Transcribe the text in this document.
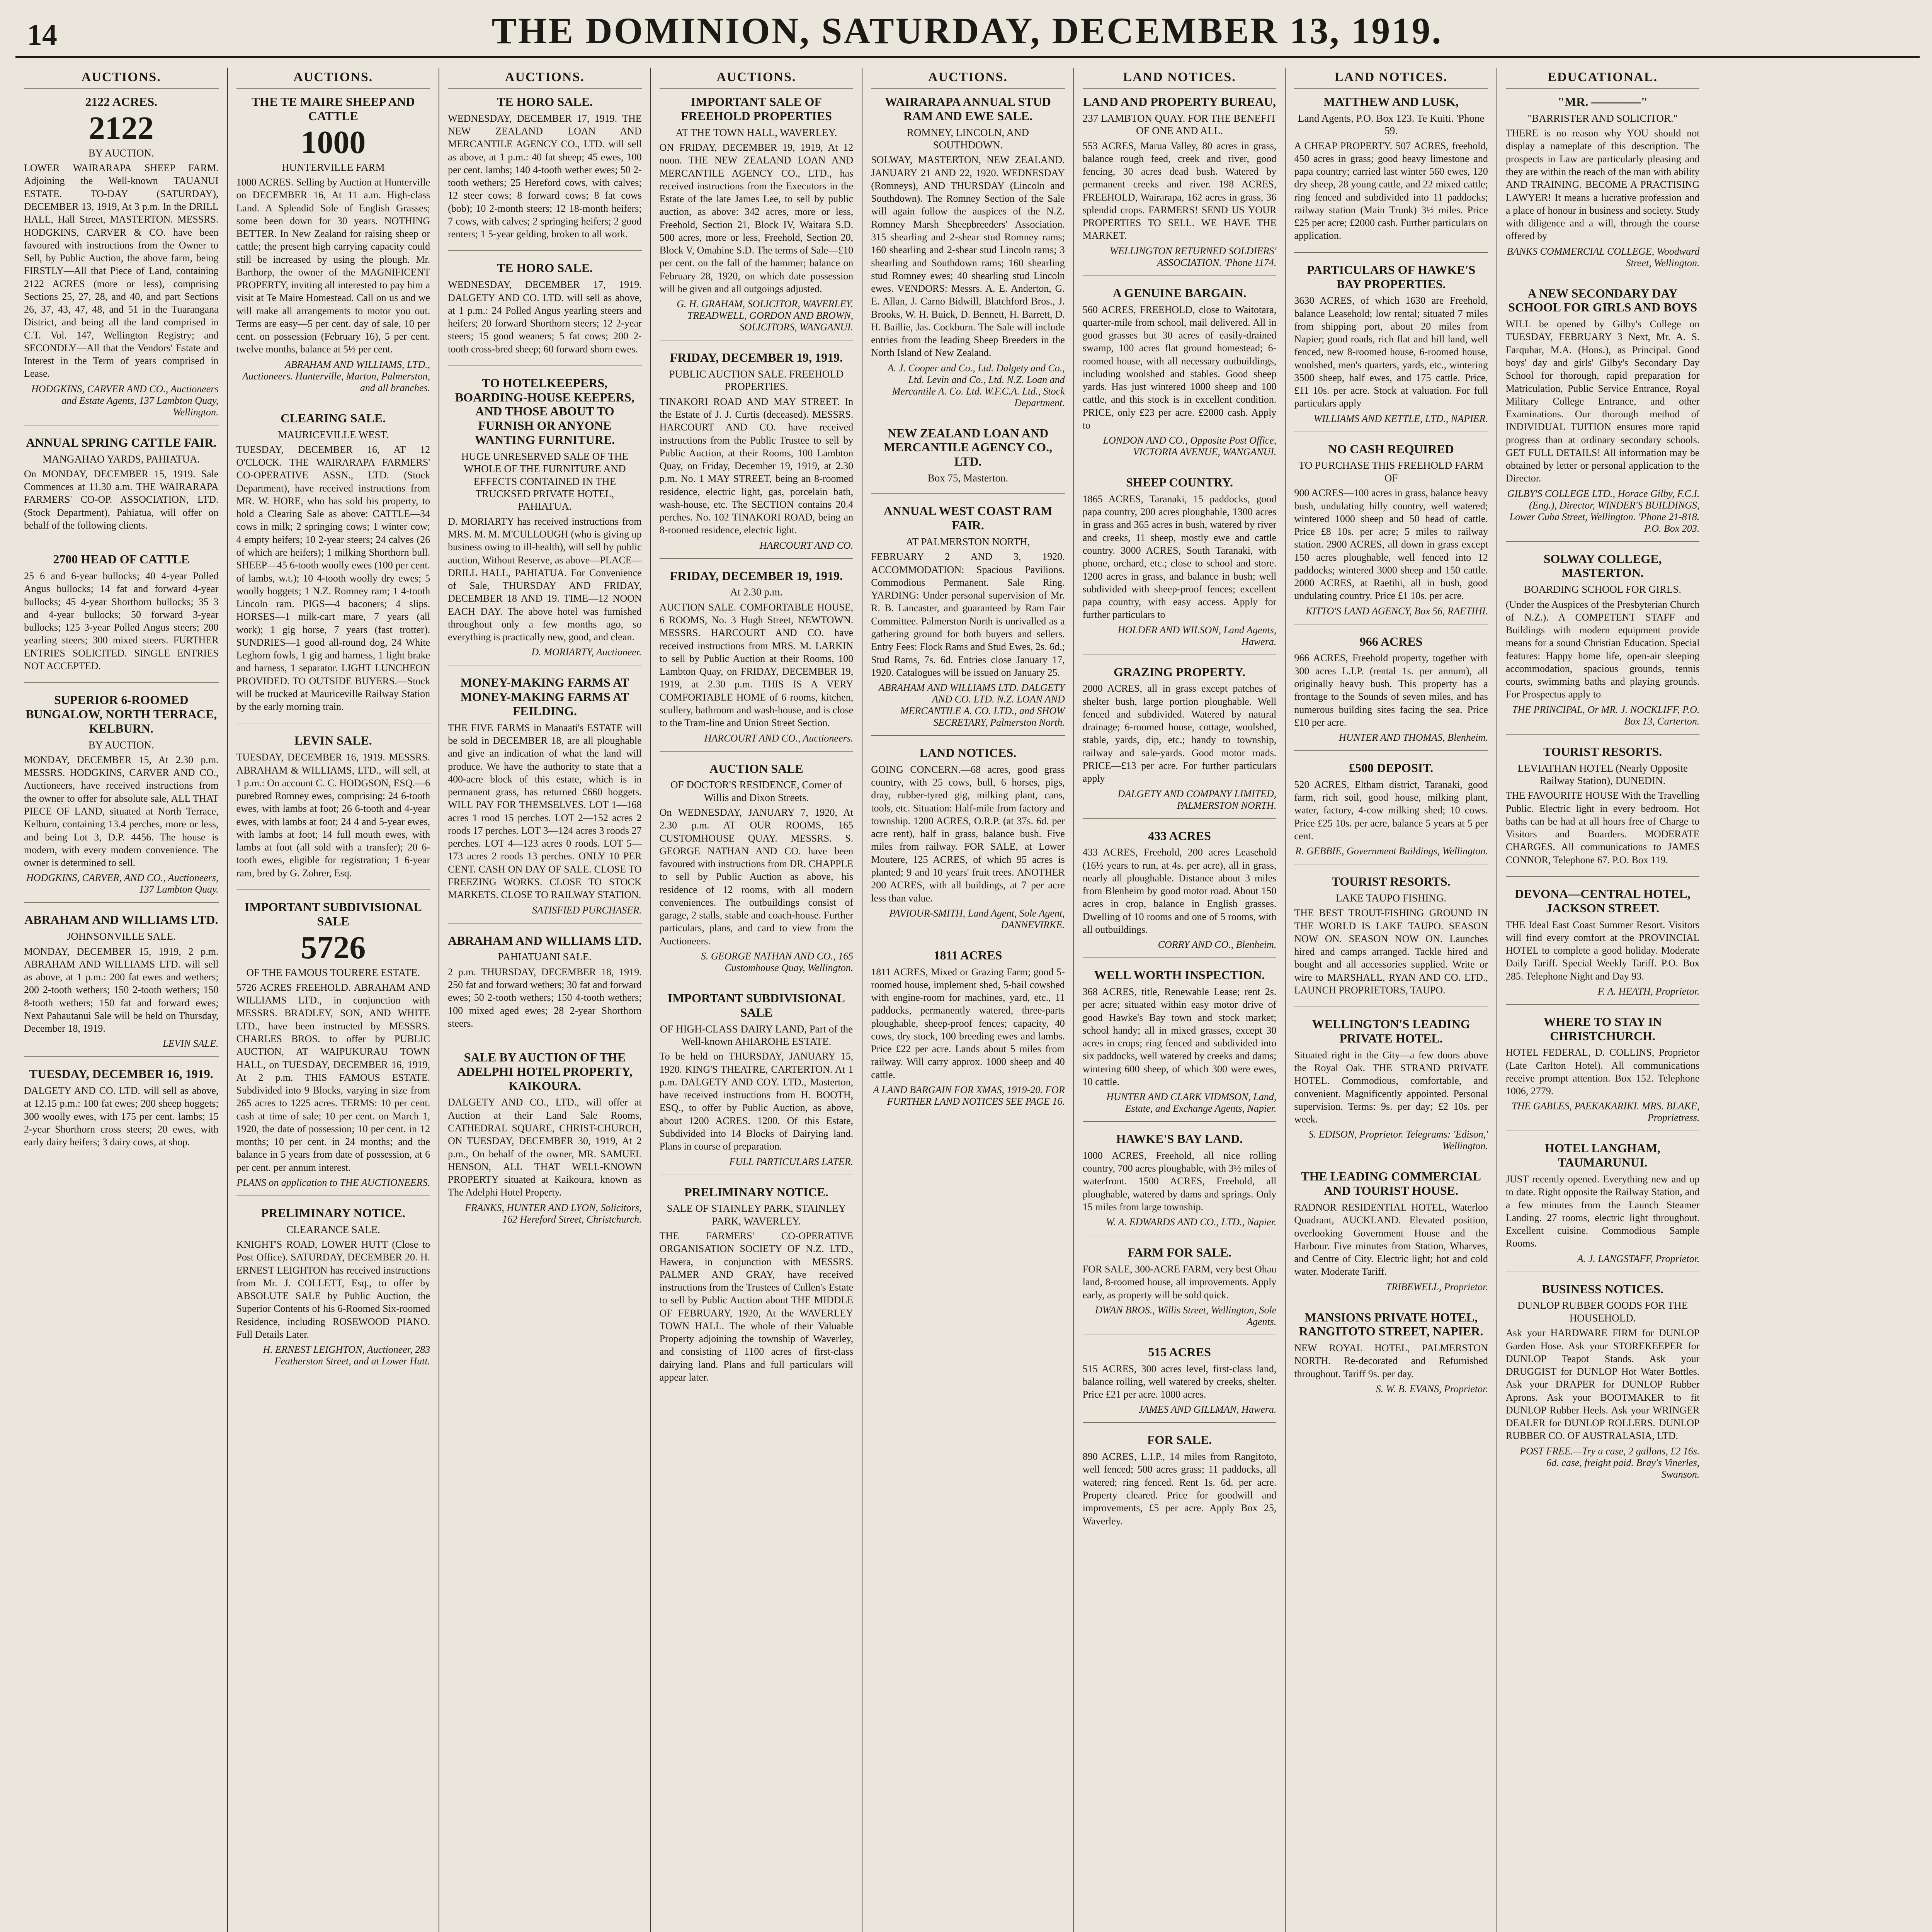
14	THE DOMINION, SATURDAY, DECEMBER 13, 1919.
AUCTIONS.
2122 ACRES.
2122
BY AUCTION.

LOWER WAIRARAPA SHEEP FARM. Adjoining the Well-known TAUANUI ESTATE. TO-DAY (SATURDAY), DECEMBER 13, 1919, At 3 p.m. In the DRILL HALL, Hall Street, MASTERTON. MESSRS. HODGKINS, CARVER & CO. have been favoured with instructions from the Owner to Sell, by Public Auction, the above farm, being FIRSTLY—All that Piece of Land, containing 2122 ACRES (more or less), comprising Sections 25, 27, 28, and 40, and part Sections 26, 37, 43, 47, 48, and 51 in the Tuarangana District, and being all the land comprised in C.T. Vol. 147, Wellington Registry; and SECONDLY—All that the Vendors' Estate and Interest in the Term of years comprised in Lease.

HODGKINS, CARVER AND CO., Auctioneers and Estate Agents, 137 Lambton Quay, Wellington.
ANNUAL SPRING CATTLE FAIR.
MANGAHAO YARDS, PAHIATUA.

On MONDAY, DECEMBER 15, 1919. Sale Commences at 11.30 a.m. THE WAIRARAPA FARMERS' CO-OP. ASSOCIATION, LTD. (Stock Department), Pahiatua, will offer on behalf of the following clients.

2700 HEAD OF CATTLE

25 6 and 6-year bullocks; 40 4-year Polled Angus bullocks; 14 fat and forward 4-year bullocks; 45 4-year Shorthorn bullocks; 35 3 and 4-year bullocks; 50 forward 3-year bullocks; 125 3-year Polled Angus steers; 200 yearling steers; 300 mixed steers. FURTHER ENTRIES SOLICITED. SINGLE ENTRIES NOT ACCEPTED.

SUPERIOR 6-ROOMED BUNGALOW, NORTH TERRACE, KELBURN.
BY AUCTION.

MONDAY, DECEMBER 15, At 2.30 p.m. MESSRS. HODGKINS, CARVER AND CO., Auctioneers, have received instructions from the owner to offer for absolute sale, ALL THAT PIECE OF LAND, situated at North Terrace, Kelburn, containing 13.4 perches, more or less, and being Lot 3, D.P. 4456. The house is modern, with every modern convenience. The owner is determined to sell.

HODGKINS, CARVER, AND CO., Auctioneers, 137 Lambton Quay.
ABRAHAM AND WILLIAMS LTD.
JOHNSONVILLE SALE.

MONDAY, DECEMBER 15, 1919, 2 p.m. ABRAHAM AND WILLIAMS LTD. will sell as above, at 1 p.m.: 200 fat ewes and wethers; 200 2-tooth wethers; 150 2-tooth wethers; 150 8-tooth wethers; 150 fat and forward ewes; Next Pahautanui Sale will be held on Thursday, December 18, 1919.

LEVIN SALE.
TUESDAY, DECEMBER 16, 1919.

DALGETY AND CO. LTD. will sell as above, at 12.15 p.m.: 100 fat ewes; 200 sheep hoggets; 300 woolly ewes, with 175 per cent. lambs; 15 2-year Shorthorn cross steers; 20 ewes, with early dairy heifers; 3 dairy cows, at shop.

AUCTIONS.
THE TE MAIRE SHEEP AND CATTLE
1000
HUNTERVILLE FARM

1000 ACRES. Selling by Auction at Hunterville on DECEMBER 16, At 11 a.m. High-class Land. A Splendid Sole of English Grasses; some been down for 30 years. NOTHING BETTER. In New Zealand for raising sheep or cattle; the present high carrying capacity could still be increased by using the plough. Mr. Barthorp, the owner of the MAGNIFICENT PROPERTY, inviting all interested to pay him a visit at Te Maire Homestead. Call on us and we will make all arrangements to motor you out. Terms are easy—5 per cent. day of sale, 10 per cent. on possession (February 16), 5 per cent. twelve months, balance at 5½ per cent.

ABRAHAM AND WILLIAMS, LTD., Auctioneers. Hunterville, Marton, Palmerston, and all branches.
CLEARING SALE.
MAURICEVILLE WEST.

TUESDAY, DECEMBER 16, AT 12 O'CLOCK. THE WAIRARAPA FARMERS' CO-OPERATIVE ASSN., LTD. (Stock Department), have received instructions from MR. W. HORE, who has sold his property, to hold a Clearing Sale as above: CATTLE—34 cows in milk; 2 springing cows; 1 winter cow; 4 empty heifers; 10 2-year steers; 24 calves (26 of which are heifers); 1 milking Shorthorn bull. SHEEP—45 6-tooth woolly ewes (100 per cent. of lambs, w.t.); 10 4-tooth woolly dry ewes; 5 woolly hoggets; 1 N.Z. Romney ram; 1 4-tooth Lincoln ram. PIGS—4 baconers; 4 slips. HORSES—1 milk-cart mare, 7 years (all work); 1 gig horse, 7 years (fast trotter). SUNDRIES—1 good all-round dog, 24 White Leghorn fowls, 1 gig and harness, 1 light brake and harness, 1 separator. LIGHT LUNCHEON PROVIDED. TO OUTSIDE BUYERS.—Stock will be trucked at Mauriceville Railway Station by the early morning train.

LEVIN SALE.

TUESDAY, DECEMBER 16, 1919. MESSRS. ABRAHAM & WILLIAMS, LTD., will sell, at 1 p.m.: On account C. C. HODGSON, ESQ.—6 purebred Romney ewes, comprising: 24 6-tooth ewes, with lambs at foot; 26 6-tooth and 4-year ewes, with lambs at foot; 24 4 and 5-year ewes, with lambs at foot; 14 full mouth ewes, with lambs at foot (all sold with a transfer); 20 6-tooth ewes, eligible for registration; 1 6-year ram, bred by G. Zohrer, Esq.

IMPORTANT SUBDIVISIONAL SALE
5726
OF THE FAMOUS TOURERE ESTATE.

5726 ACRES FREEHOLD. ABRAHAM AND WILLIAMS LTD., in conjunction with MESSRS. BRADLEY, SON, AND WHITE LTD., have been instructed by MESSRS. CHARLES BROS. to offer by PUBLIC AUCTION, AT WAIPUKURAU TOWN HALL, on TUESDAY, DECEMBER 16, 1919, At 2 p.m. THIS FAMOUS ESTATE. Subdivided into 9 Blocks, varying in size from 265 acres to 1225 acres. TERMS: 10 per cent. cash at time of sale; 10 per cent. on March 1, 1920, the date of possession; 10 per cent. in 12 months; 10 per cent. in 24 months; and the balance in 5 years from date of possession, at 6 per cent. per annum interest.

PLANS on application to THE AUCTIONEERS.
PRELIMINARY NOTICE.
CLEARANCE SALE.

KNIGHT'S ROAD, LOWER HUTT (Close to Post Office). SATURDAY, DECEMBER 20. H. ERNEST LEIGHTON has received instructions from Mr. J. COLLETT, Esq., to offer by ABSOLUTE SALE by Public Auction, the Superior Contents of his 6-Roomed Six-roomed Residence, including ROSEWOOD PIANO. Full Details Later.

H. ERNEST LEIGHTON, Auctioneer, 283 Featherston Street, and at Lower Hutt.
AUCTIONS.
TE HORO SALE.

WEDNESDAY, DECEMBER 17, 1919. THE NEW ZEALAND LOAN AND MERCANTILE AGENCY CO., LTD. will sell as above, at 1 p.m.: 40 fat sheep; 45 ewes, 100 per cent. lambs; 140 4-tooth wether ewes; 50 2-tooth wethers; 25 Hereford cows, with calves; 12 steer cows; 8 forward cows; 8 fat cows (bob); 10 2-month steers; 12 18-month heifers; 7 cows, with calves; 2 springing heifers; 2 good renters; 1 5-year gelding, broken to all work.

TE HORO SALE.

WEDNESDAY, DECEMBER 17, 1919. DALGETY AND CO. LTD. will sell as above, at 1 p.m.: 24 Polled Angus yearling steers and heifers; 20 forward Shorthorn steers; 12 2-year steers; 15 good weaners; 5 fat cows; 200 2-tooth cross-bred sheep; 60 forward shorn ewes.

TO HOTELKEEPERS, BOARDING-HOUSE KEEPERS, AND THOSE ABOUT TO FURNISH OR ANYONE WANTING FURNITURE.
HUGE UNRESERVED SALE OF THE WHOLE OF THE FURNITURE AND EFFECTS CONTAINED IN THE TRUCKSED PRIVATE HOTEL, PAHIATUA.

D. MORIARTY has received instructions from MRS. M. M. M'CULLOUGH (who is giving up business owing to ill-health), will sell by public auction, Without Reserve, as above—PLACE—DRILL HALL, PAHIATUA. For Convenience of Sale, THURSDAY AND FRIDAY, DECEMBER 18 AND 19. TIME—12 NOON EACH DAY. The above hotel was furnished throughout only a few months ago, so everything is practically new, good, and clean.

D. MORIARTY, Auctioneer.
MONEY-MAKING FARMS AT MONEY-MAKING FARMS AT FEILDING.

THE FIVE FARMS in Manaati's ESTATE will be sold in DECEMBER 18, are all ploughable and give an indication of what the land will produce. We have the authority to state that a 400-acre block of this estate, which is in permanent grass, has returned £660 hoggets. WILL PAY FOR THEMSELVES. LOT 1—168 acres 1 rood 15 perches. LOT 2—152 acres 2 roods 17 perches. LOT 3—124 acres 3 roods 27 perches. LOT 4—123 acres 0 roods. LOT 5—173 acres 2 roods 13 perches. ONLY 10 PER CENT. CASH ON DAY OF SALE. CLOSE TO FREEZING WORKS. CLOSE TO STOCK MARKETS. CLOSE TO RAILWAY STATION.

SATISFIED PURCHASER.
ABRAHAM AND WILLIAMS LTD.
PAHIATUANI SALE.

2 p.m. THURSDAY, DECEMBER 18, 1919. 250 fat and forward wethers; 30 fat and forward ewes; 50 2-tooth wethers; 150 4-tooth wethers; 100 mixed aged ewes; 28 2-year Shorthorn steers.

SALE BY AUCTION OF THE ADELPHI HOTEL PROPERTY, KAIKOURA.

DALGETY AND CO., LTD., will offer at Auction at their Land Sale Rooms, CATHEDRAL SQUARE, CHRIST-CHURCH, ON TUESDAY, DECEMBER 30, 1919, At 2 p.m., On behalf of the owner, MR. SAMUEL HENSON, ALL THAT WELL-KNOWN PROPERTY situated at Kaikoura, known as The Adelphi Hotel Property.

FRANKS, HUNTER AND LYON, Solicitors, 162 Hereford Street, Christchurch.
AUCTIONS.
IMPORTANT SALE OF FREEHOLD PROPERTIES
AT THE TOWN HALL, WAVERLEY.

ON FRIDAY, DECEMBER 19, 1919, At 12 noon. THE NEW ZEALAND LOAN AND MERCANTILE AGENCY CO., LTD., has received instructions from the Executors in the Estate of the late James Lee, to sell by public auction, as above: 342 acres, more or less, Freehold, Section 21, Block IV, Waitara S.D. 500 acres, more or less, Freehold, Section 20, Block V, Omahine S.D. The terms of Sale—£10 per cent. on the fall of the hammer; balance on February 28, 1920, on which date possession will be given and all outgoings adjusted.

G. H. GRAHAM, SOLICITOR, WAVERLEY. TREADWELL, GORDON AND BROWN, SOLICITORS, WANGANUI.
FRIDAY, DECEMBER 19, 1919.
PUBLIC AUCTION SALE. FREEHOLD PROPERTIES.

TINAKORI ROAD AND MAY STREET. In the Estate of J. J. Curtis (deceased). MESSRS. HARCOURT AND CO. have received instructions from the Public Trustee to sell by Public Auction, at their Rooms, 100 Lambton Quay, on Friday, December 19, 1919, at 2.30 p.m. No. 1 MAY STREET, being an 8-roomed residence, electric light, gas, porcelain bath, wash-house, etc. The SECTION contains 20.4 perches. No. 102 TINAKORI ROAD, being an 8-roomed residence, electric light.

HARCOURT AND CO.
FRIDAY, DECEMBER 19, 1919.
At 2.30 p.m.

AUCTION SALE. COMFORTABLE HOUSE, 6 ROOMS, No. 3 Hugh Street, NEWTOWN. MESSRS. HARCOURT AND CO. have received instructions from MRS. M. LARKIN to sell by Public Auction at their Rooms, 100 Lambton Quay, on FRIDAY, DECEMBER 19, 1919, at 2.30 p.m. THIS IS A VERY COMFORTABLE HOME of 6 rooms, kitchen, scullery, bathroom and wash-house, and is close to the Tram-line and Union Street Section.

HARCOURT AND CO., Auctioneers.
AUCTION SALE
OF DOCTOR'S RESIDENCE, Corner of Willis and Dixon Streets.

On WEDNESDAY, JANUARY 7, 1920, At 2.30 p.m. AT OUR ROOMS, 165 CUSTOMHOUSE QUAY. MESSRS. S. GEORGE NATHAN AND CO. have been favoured with instructions from DR. CHAPPLE to sell by Public Auction as above, his residence of 12 rooms, with all modern conveniences. The outbuildings consist of garage, 2 stalls, stable and coach-house. Further particulars, plans, and card to view from the Auctioneers.

S. GEORGE NATHAN AND CO., 165 Customhouse Quay, Wellington.
IMPORTANT SUBDIVISIONAL SALE
OF HIGH-CLASS DAIRY LAND, Part of the Well-known AHIAROHE ESTATE.

To be held on THURSDAY, JANUARY 15, 1920. KING'S THEATRE, CARTERTON. At 1 p.m. DALGETY AND COY. LTD., Masterton, have received instructions from H. BOOTH, ESQ., to offer by Public Auction, as above, about 1200 ACRES. 1200. Of this Estate, Subdivided into 14 Blocks of Dairying land. Plans in course of preparation.

FULL PARTICULARS LATER.
PRELIMINARY NOTICE.
SALE OF STAINLEY PARK, STAINLEY PARK, WAVERLEY.

THE FARMERS' CO-OPERATIVE ORGANISATION SOCIETY OF N.Z. LTD., Hawera, in conjunction with MESSRS. PALMER AND GRAY, have received instructions from the Trustees of Cullen's Estate to sell by Public Auction about THE MIDDLE OF FEBRUARY, 1920, At the WAVERLEY TOWN HALL. The whole of their Valuable Property adjoining the township of Waverley, and consisting of 1100 acres of first-class dairying land. Plans and full particulars will appear later.

AUCTIONS.
WAIRARAPA ANNUAL STUD RAM AND EWE SALE.
ROMNEY, LINCOLN, AND SOUTHDOWN.

SOLWAY, MASTERTON, NEW ZEALAND. JANUARY 21 AND 22, 1920. WEDNESDAY (Romneys), AND THURSDAY (Lincoln and Southdown). The Romney Section of the Sale will again follow the auspices of the N.Z. Romney Marsh Sheepbreeders' Association. 315 shearling and 2-shear stud Romney rams; 160 shearling and 2-shear stud Lincoln rams; 3 shearling and Southdown rams; 160 shearling stud Romney ewes; 40 shearling stud Lincoln ewes. VENDORS: Messrs. A. E. Anderton, G. E. Allan, J. Carno Bidwill, Blatchford Bros., J. Brooks, W. H. Buick, D. Bennett, H. Barrett, D. H. Baillie, Jas. Cockburn. The Sale will include entries from the leading Sheep Breeders in the North Island of New Zealand.

A. J. Cooper and Co., Ltd. Dalgety and Co., Ltd. Levin and Co., Ltd. N.Z. Loan and Mercantile A. Co. Ltd. W.F.C.A. Ltd., Stock Department.
NEW ZEALAND LOAN AND MERCANTILE AGENCY CO., LTD.
Box 75, Masterton.
ANNUAL WEST COAST RAM FAIR.
AT PALMERSTON NORTH,

FEBRUARY 2 AND 3, 1920. ACCOMMODATION: Spacious Pavilions. Commodious Permanent. Sale Ring. YARDING: Under personal supervision of Mr. R. B. Lancaster, and guaranteed by Ram Fair Committee. Palmerston North is unrivalled as a gathering ground for both buyers and sellers. Entry Fees: Flock Rams and Stud Ewes, 2s. 6d.; Stud Rams, 7s. 6d. Entries close January 17, 1920. Catalogues will be issued on January 25.

ABRAHAM AND WILLIAMS LTD. DALGETY AND CO. LTD. N.Z. LOAN AND MERCANTILE A. CO. LTD., and SHOW SECRETARY, Palmerston North.
LAND NOTICES.

GOING CONCERN.—68 acres, good grass country, with 25 cows, bull, 6 horses, pigs, dray, rubber-tyred gig, milking plant, cans, tools, etc. Situation: Half-mile from factory and township. 1200 ACRES, O.R.P. (at 37s. 6d. per acre rent), half in grass, balance bush. Five miles from railway. FOR SALE, at Lower Moutere, 125 ACRES, of which 95 acres is planted; 9 and 10 years' fruit trees. ANOTHER 200 ACRES, with all buildings, at 7 per acre less than value.

PAVIOUR-SMITH, Land Agent, Sole Agent, DANNEVIRKE.
1811 ACRES

1811 ACRES, Mixed or Grazing Farm; good 5-roomed house, implement shed, 5-bail cowshed with engine-room for machines, yard, etc., 11 paddocks, permanently watered, three-parts ploughable, sheep-proof fences; capacity, 40 cows, dry stock, 100 breeding ewes and lambs. Price £22 per acre. Lands about 5 miles from railway. Will carry approx. 1000 sheep and 40 cattle.

A LAND BARGAIN FOR XMAS, 1919-20. FOR FURTHER LAND NOTICES SEE PAGE 16.
LAND NOTICES.
LAND AND PROPERTY BUREAU,
237 LAMBTON QUAY. FOR THE BENEFIT OF ONE AND ALL.

553 ACRES, Marua Valley, 80 acres in grass, balance rough feed, creek and river, good fencing, 30 acres dead bush. Watered by permanent creeks and river. 198 ACRES, FREEHOLD, Wairarapa, 162 acres in grass, 36 splendid crops. FARMERS! SEND US YOUR PROPERTIES TO SELL. WE HAVE THE MARKET.

WELLINGTON RETURNED SOLDIERS' ASSOCIATION. 'Phone 1174.
A GENUINE BARGAIN.

560 ACRES, FREEHOLD, close to Waitotara, quarter-mile from school, mail delivered. All in good grasses but 30 acres of easily-drained swamp, 100 acres flat ground homestead; 6-roomed house, with all necessary outbuildings, including woolshed and stables. Good sheep yards. Has just wintered 1000 sheep and 100 cattle, and this stock is in excellent condition. PRICE, only £23 per acre. £2000 cash. Apply to

LONDON AND CO., Opposite Post Office, VICTORIA AVENUE, WANGANUI.
SHEEP COUNTRY.

1865 ACRES, Taranaki, 15 paddocks, good papa country, 200 acres ploughable, 1300 acres in grass and 365 acres in bush, watered by river and creeks, 11 sheep, mostly ewe and cattle country. 3000 ACRES, South Taranaki, with phone, orchard, etc.; close to school and store. 1200 acres in grass, and balance in bush; well subdivided with sheep-proof fences; excellent papa country, with easy access. Apply for further particulars to

HOLDER AND WILSON, Land Agents, Hawera.
GRAZING PROPERTY.

2000 ACRES, all in grass except patches of shelter bush, large portion ploughable. Well fenced and subdivided. Watered by natural drainage; 6-roomed house, cottage, woolshed, stable, yards, dip, etc.; handy to township, railway and sale-yards. Good motor roads. PRICE—£13 per acre. For further particulars apply

DALGETY AND COMPANY LIMITED, PALMERSTON NORTH.
433 ACRES

433 ACRES, Freehold, 200 acres Leasehold (16½ years to run, at 4s. per acre), all in grass, nearly all ploughable. Distance about 3 miles from Blenheim by good motor road. About 150 acres in crop, balance in English grasses. Dwelling of 10 rooms and one of 5 rooms, with all outbuildings.

CORRY AND CO., Blenheim.
WELL WORTH INSPECTION.

368 ACRES, title, Renewable Lease; rent 2s. per acre; situated within easy motor drive of good Hawke's Bay town and stock market; school handy; all in mixed grasses, except 30 acres in crops; ring fenced and subdivided into six paddocks, well watered by creeks and dams; wintering 600 sheep, of which 300 were ewes, 10 cattle.

HUNTER AND CLARK VIDMSON, Land, Estate, and Exchange Agents, Napier.
HAWKE'S BAY LAND.

1000 ACRES, Freehold, all nice rolling country, 700 acres ploughable, with 3½ miles of waterfront. 1500 ACRES, Freehold, all ploughable, watered by dams and springs. Only 15 miles from large township.

W. A. EDWARDS AND CO., LTD., Napier.
FARM FOR SALE.

FOR SALE, 300-ACRE FARM, very best Ohau land, 8-roomed house, all improvements. Apply early, as property will be sold quick.

DWAN BROS., Willis Street, Wellington, Sole Agents.
515 ACRES

515 ACRES, 300 acres level, first-class land, balance rolling, well watered by creeks, shelter. Price £21 per acre. 1000 acres.

JAMES AND GILLMAN, Hawera.
FOR SALE.

890 ACRES, L.I.P., 14 miles from Rangitoto, well fenced; 500 acres grass; 11 paddocks, all watered; ring fenced. Rent 1s. 6d. per acre. Property cleared. Price for goodwill and improvements, £5 per acre. Apply Box 25, Waverley.

LAND NOTICES.
MATTHEW AND LUSK,
Land Agents, P.O. Box 123. Te Kuiti. 'Phone 59.

A CHEAP PROPERTY. 507 ACRES, freehold, 450 acres in grass; good heavy limestone and papa country; carried last winter 560 ewes, 120 dry sheep, 28 young cattle, and 22 mixed cattle; ring fenced and subdivided into 11 paddocks; railway station (Main Trunk) 3½ miles. Price £25 per acre; £2000 cash. Further particulars on application.

PARTICULARS OF HAWKE'S BAY PROPERTIES.

3630 ACRES, of which 1630 are Freehold, balance Leasehold; low rental; situated 7 miles from shipping port, about 20 miles from Napier; good roads, rich flat and hill land, well fenced, new 8-roomed house, 6-roomed house, woolshed, men's quarters, yards, etc., wintering 3500 sheep, half ewes, and 175 cattle. Price, £11 10s. per acre. Stock at valuation. For full particulars apply

WILLIAMS AND KETTLE, LTD., NAPIER.
NO CASH REQUIRED
TO PURCHASE THIS FREEHOLD FARM OF

900 ACRES—100 acres in grass, balance heavy bush, undulating hilly country, well watered; wintered 1000 sheep and 50 head of cattle. Price £8 10s. per acre; 5 miles to railway station. 2900 ACRES, all down in grass except 150 acres ploughable, well fenced into 12 paddocks; wintered 3000 sheep and 150 cattle. 2000 ACRES, at Raetihi, all in bush, good undulating country. Price £1 10s. per acre.

KITTO'S LAND AGENCY, Box 56, RAETIHI.
966 ACRES

966 ACRES, Freehold property, together with 300 acres L.I.P. (rental 1s. per annum), all originally heavy bush. This property has a frontage to the Sounds of seven miles, and has numerous building sites facing the sea. Price £10 per acre.

HUNTER AND THOMAS, Blenheim.
£500 DEPOSIT.

520 ACRES, Eltham district, Taranaki, good farm, rich soil, good house, milking plant, water, factory, 4-cow milking shed; 10 cows. Price £25 10s. per acre, balance 5 years at 5 per cent.

R. GEBBIE, Government Buildings, Wellington.
TOURIST RESORTS.
LAKE TAUPO FISHING.

THE BEST TROUT-FISHING GROUND IN THE WORLD IS LAKE TAUPO. SEASON NOW ON. SEASON NOW ON. Launches hired and camps arranged. Tackle hired and bought and all accessories supplied. Write or wire to MARSHALL, RYAN AND CO. LTD., LAUNCH PROPRIETORS, TAUPO.

WELLINGTON'S LEADING PRIVATE HOTEL.

Situated right in the City—a few doors above the Royal Oak. THE STRAND PRIVATE HOTEL. Commodious, comfortable, and convenient. Magnificently appointed. Personal supervision. Terms: 9s. per day; £2 10s. per week.

S. EDISON, Proprietor. Telegrams: 'Edison,' Wellington.
THE LEADING COMMERCIAL AND TOURIST HOUSE.

RADNOR RESIDENTIAL HOTEL, Waterloo Quadrant, AUCKLAND. Elevated position, overlooking Government House and the Harbour. Five minutes from Station, Wharves, and Centre of City. Electric light; hot and cold water. Moderate Tariff.

TRIBEWELL, Proprietor.
MANSIONS PRIVATE HOTEL, RANGITOTO STREET, NAPIER.

NEW ROYAL HOTEL, PALMERSTON NORTH. Re-decorated and Refurnished throughout. Tariff 9s. per day.

S. W. B. EVANS, Proprietor.
EDUCATIONAL.
"MR. ————"
"BARRISTER AND SOLICITOR."

THERE is no reason why YOU should not display a nameplate of this description. The prospects in Law are particularly pleasing and they are within the reach of the man with ability AND TRAINING. BECOME A PRACTISING LAWYER! It means a lucrative profession and a place of honour in business and society. Study with diligence and a will, through the course offered by

BANKS COMMERCIAL COLLEGE, Woodward Street, Wellington.
A NEW SECONDARY DAY SCHOOL FOR GIRLS AND BOYS

WILL be opened by Gilby's College on TUESDAY, FEBRUARY 3 Next, Mr. A. S. Farquhar, M.A. (Hons.), as Principal. Good boys' day and girls' Gilby's Secondary Day School for thorough, rapid preparation for Matriculation, Public Service Entrance, Royal Military College Entrance, and other Examinations. Our thorough method of INDIVIDUAL TUITION ensures more rapid progress than at ordinary secondary schools. GET FULL DETAILS! All information may be obtained by letter or personal application to the Director.

GILBY'S COLLEGE LTD., Horace Gilby, F.C.I. (Eng.), Director, WINDER'S BUILDINGS, Lower Cuba Street, Wellington. 'Phone 21-818. P.O. Box 203.
SOLWAY COLLEGE, MASTERTON.
BOARDING SCHOOL FOR GIRLS.

(Under the Auspices of the Presbyterian Church of N.Z.). A COMPETENT STAFF and Buildings with modern equipment provide means for a sound Christian Education. Special features: Happy home life, open-air sleeping accommodation, spacious grounds, tennis courts, swimming baths and playing grounds. For Prospectus apply to

THE PRINCIPAL, Or MR. J. NOCKLIFF, P.O. Box 13, Carterton.
TOURIST RESORTS.
LEVIATHAN HOTEL (Nearly Opposite Railway Station), DUNEDIN.

THE FAVOURITE HOUSE With the Travelling Public. Electric light in every bedroom. Hot baths can be had at all hours free of Charge to Visitors and Boarders. MODERATE CHARGES. All communications to JAMES CONNOR, Telephone 67. P.O. Box 119.

DEVONA—CENTRAL HOTEL, JACKSON STREET.

THE Ideal East Coast Summer Resort. Visitors will find every comfort at the PROVINCIAL HOTEL to complete a good holiday. Moderate Daily Tariff. Special Weekly Tariff. P.O. Box 285. Telephone Night and Day 93.

F. A. HEATH, Proprietor.
WHERE TO STAY IN CHRISTCHURCH.

HOTEL FEDERAL, D. COLLINS, Proprietor (Late Carlton Hotel). All communications receive prompt attention. Box 152. Telephone 1006, 2779.

THE GABLES, PAEKAKARIKI. MRS. BLAKE, Proprietress.
HOTEL LANGHAM, TAUMARUNUI.

JUST recently opened. Everything new and up to date. Right opposite the Railway Station, and a few minutes from the Launch Steamer Landing. 27 rooms, electric light throughout. Excellent cuisine. Commodious Sample Rooms.

A. J. LANGSTAFF, Proprietor.
BUSINESS NOTICES.
DUNLOP RUBBER GOODS FOR THE HOUSEHOLD.

Ask your HARDWARE FIRM for DUNLOP Garden Hose. Ask your STOREKEEPER for DUNLOP Teapot Stands. Ask your DRUGGIST for DUNLOP Hot Water Bottles. Ask your DRAPER for DUNLOP Rubber Aprons. Ask your BOOTMAKER to fit DUNLOP Rubber Heels. Ask your WRINGER DEALER for DUNLOP ROLLERS. DUNLOP RUBBER CO. OF AUSTRALASIA, LTD.

POST FREE.—Try a case, 2 gallons, £2 16s. 6d. case, freight paid. Bray's Vinerles, Swanson.
